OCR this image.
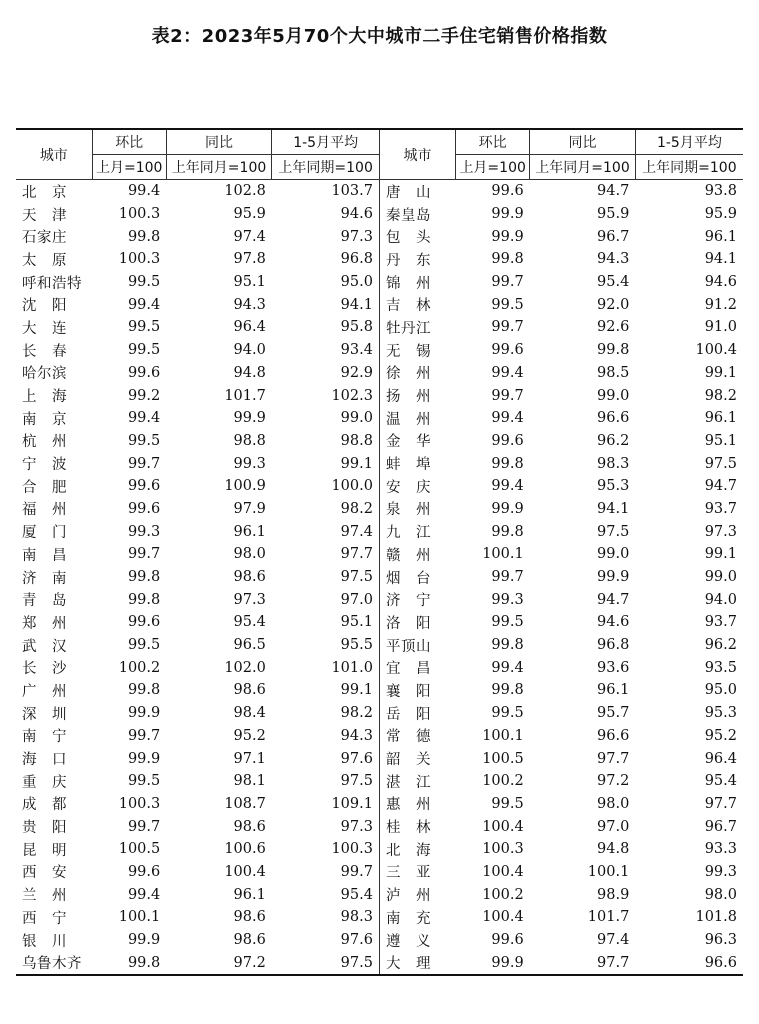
表2：2023年5月70个大中城市二手住宅销售价格指数
城市	环比	同比	1-5月平均	城市	环比	同比	1-5月平均
	上月=100	上年同月=100	上年同期=100		上月=100	上年同月=100	上年同期=100
北　京	99.4	102.8	103.7	唐　山	99.6	94.7	93.8
天　津	100.3	95.9	94.6	秦皇岛	99.9	95.9	95.9
石家庄	99.8	97.4	97.3	包　头	99.9	96.7	96.1
太　原	100.3	97.8	96.8	丹　东	99.8	94.3	94.1
呼和浩特	99.5	95.1	95.0	锦　州	99.7	95.4	94.6
沈　阳	99.4	94.3	94.1	吉　林	99.5	92.0	91.2
大　连	99.5	96.4	95.8	牡丹江	99.7	92.6	91.0
长　春	99.5	94.0	93.4	无　锡	99.6	99.8	100.4
哈尔滨	99.6	94.8	92.9	徐　州	99.4	98.5	99.1
上　海	99.2	101.7	102.3	扬　州	99.7	99.0	98.2
南　京	99.4	99.9	99.0	温　州	99.4	96.6	96.1
杭　州	99.5	98.8	98.8	金　华	99.6	96.2	95.1
宁　波	99.7	99.3	99.1	蚌　埠	99.8	98.3	97.5
合　肥	99.6	100.9	100.0	安　庆	99.4	95.3	94.7
福　州	99.6	97.9	98.2	泉　州	99.9	94.1	93.7
厦　门	99.3	96.1	97.4	九　江	99.8	97.5	97.3
南　昌	99.7	98.0	97.7	赣　州	100.1	99.0	99.1
济　南	99.8	98.6	97.5	烟　台	99.7	99.9	99.0
青　岛	99.8	97.3	97.0	济　宁	99.3	94.7	94.0
郑　州	99.6	95.4	95.1	洛　阳	99.5	94.6	93.7
武　汉	99.5	96.5	95.5	平顶山	99.8	96.8	96.2
长　沙	100.2	102.0	101.0	宜　昌	99.4	93.6	93.5
广　州	99.8	98.6	99.1	襄　阳	99.8	96.1	95.0
深　圳	99.9	98.4	98.2	岳　阳	99.5	95.7	95.3
南　宁	99.7	95.2	94.3	常　德	100.1	96.6	95.2
海　口	99.9	97.1	97.6	韶　关	100.5	97.7	96.4
重　庆	99.5	98.1	97.5	湛　江	100.2	97.2	95.4
成　都	100.3	108.7	109.1	惠　州	99.5	98.0	97.7
贵　阳	99.7	98.6	97.3	桂　林	100.4	97.0	96.7
昆　明	100.5	100.6	100.3	北　海	100.3	94.8	93.3
西　安	99.6	100.4	99.7	三　亚	100.4	100.1	99.3
兰　州	99.4	96.1	95.4	泸　州	100.2	98.9	98.0
西　宁	100.1	98.6	98.3	南　充	100.4	101.7	101.8
银　川	99.9	98.6	97.6	遵　义	99.6	97.4	96.3
乌鲁木齐	99.8	97.2	97.5	大　理	99.9	97.7	96.6
